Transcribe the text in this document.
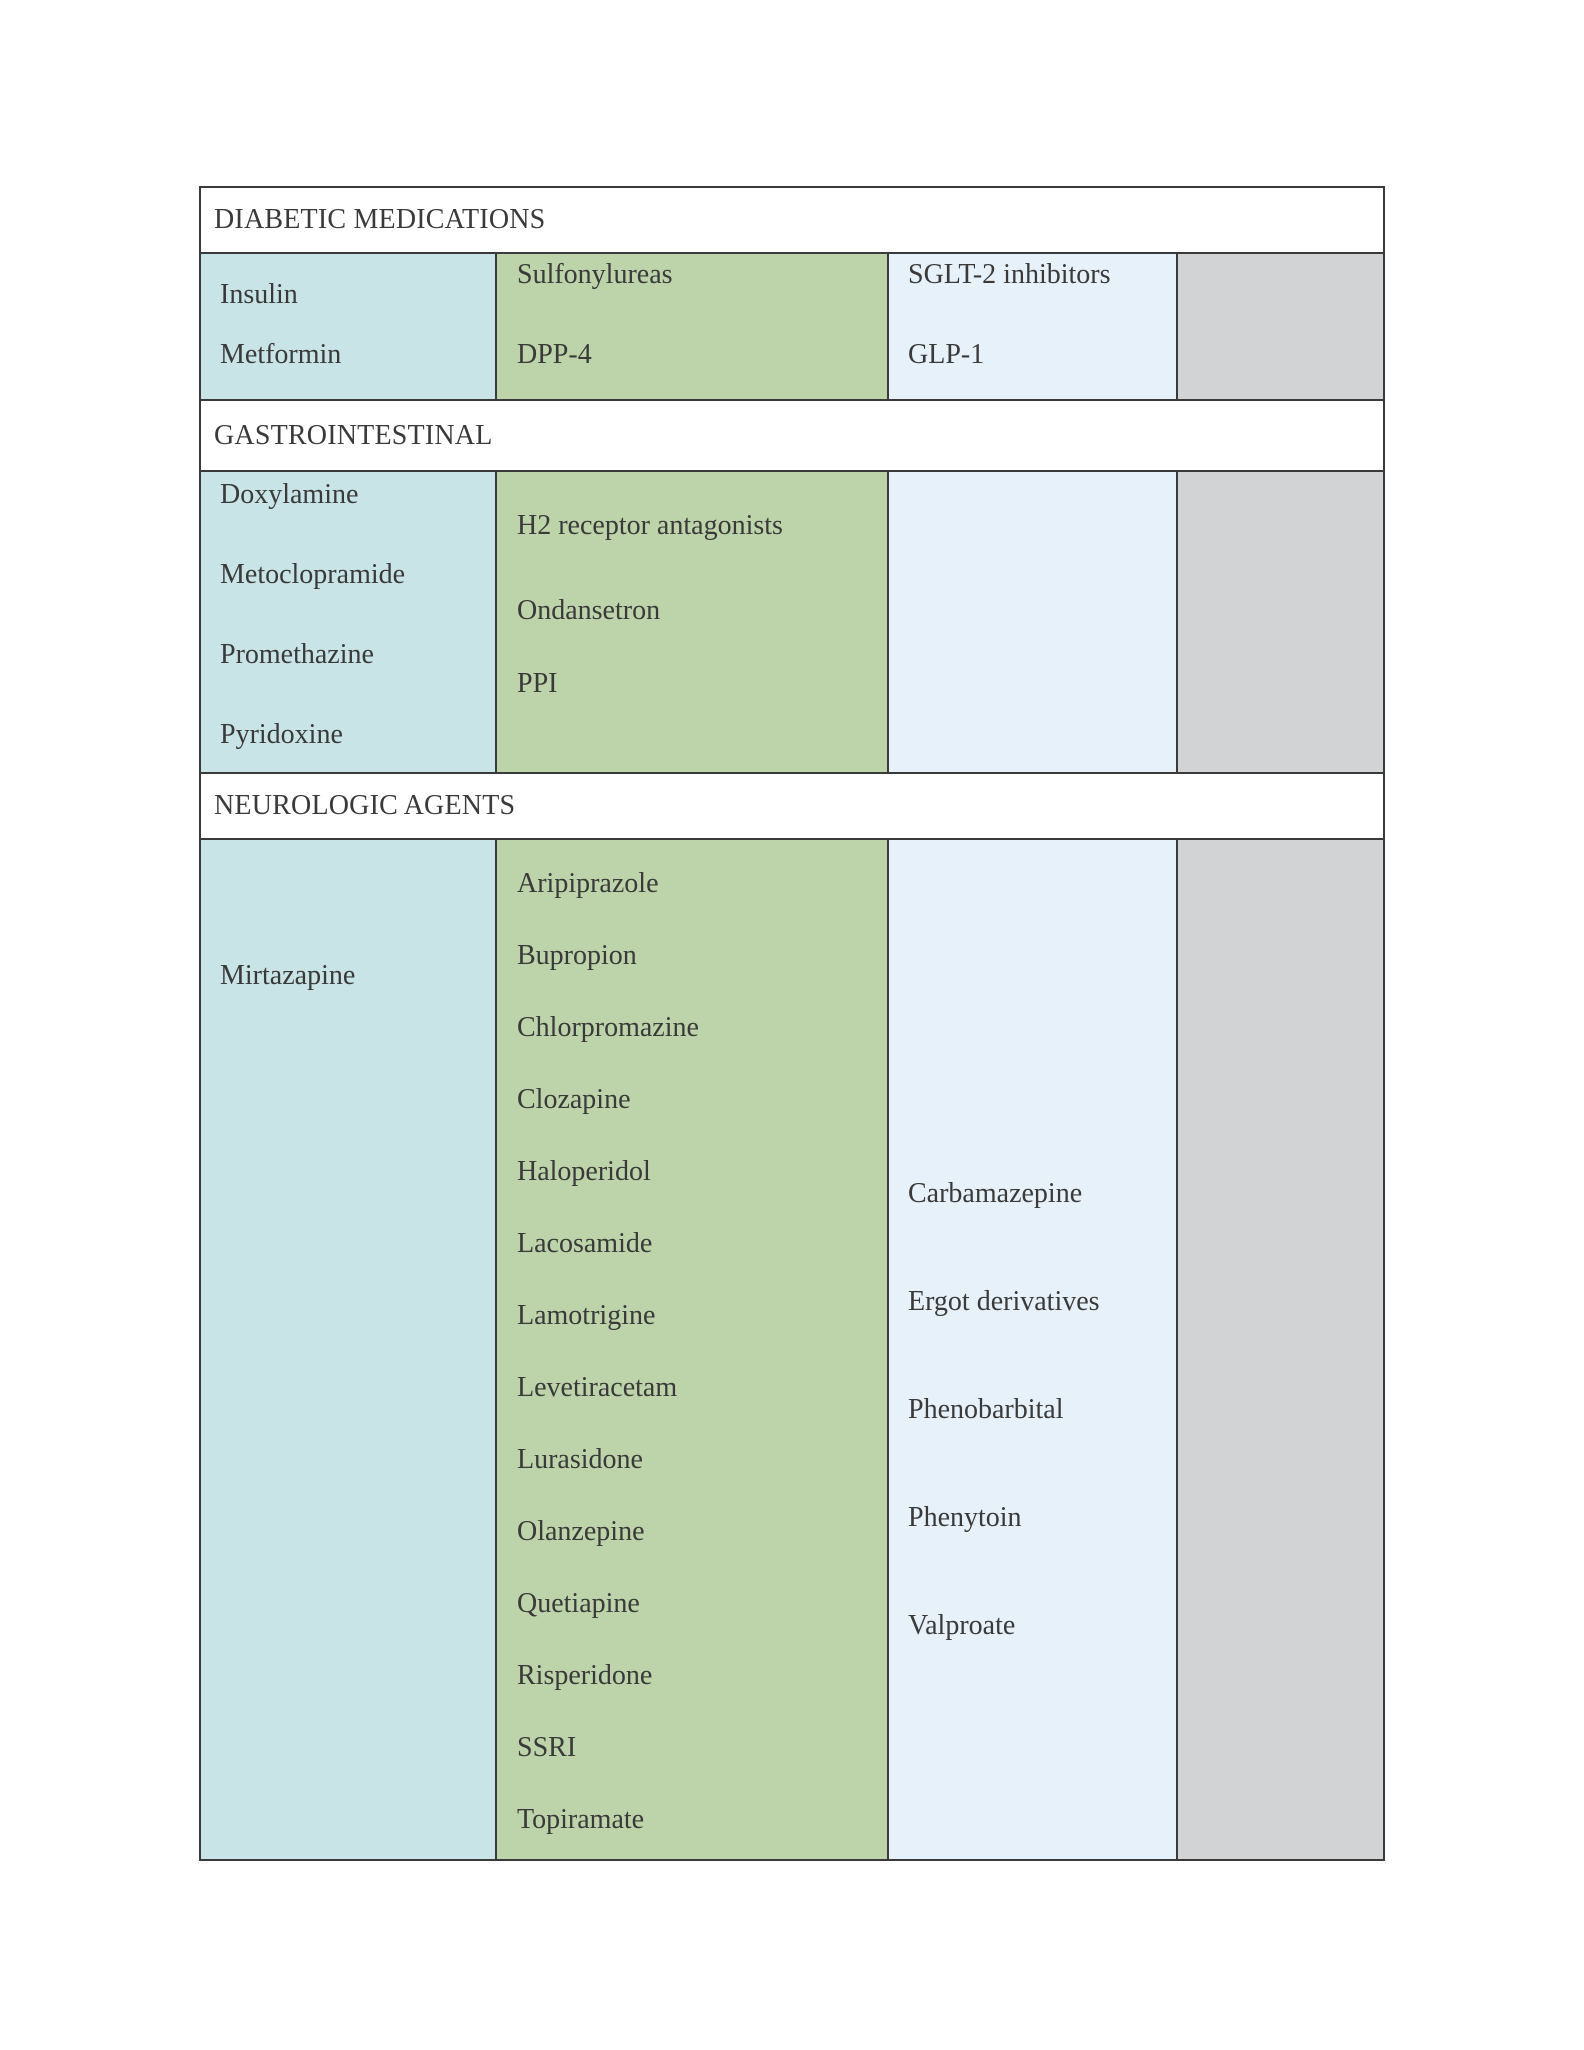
DIABETIC MEDICATIONS
Insulin
Metformin
Sulfonylureas
DPP-4
SGLT-2 inhibitors
GLP-1
GASTROINTESTINAL
Doxylamine
Metoclopramide
Promethazine
Pyridoxine
H2 receptor antagonists
Ondansetron
PPI
NEUROLOGIC AGENTS
Mirtazapine
Aripiprazole
Bupropion
Chlorpromazine
Clozapine
Haloperidol
Lacosamide
Lamotrigine
Levetiracetam
Lurasidone
Olanzepine
Quetiapine
Risperidone
SSRI
Topiramate
Carbamazepine
Ergot derivatives
Phenobarbital
Phenytoin
Valproate
